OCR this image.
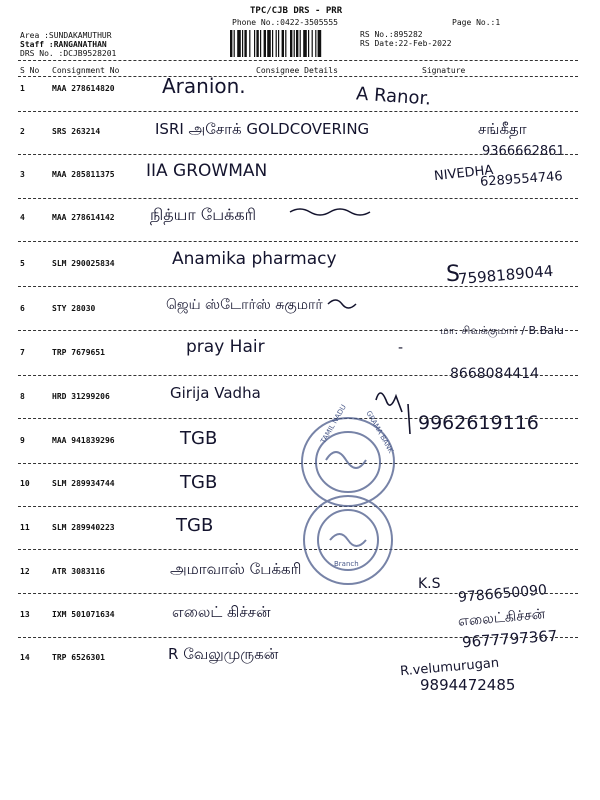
TPC/CJB DRS - PRR
Phone No.:0422-3505555	Page No.:1
Area :SUNDAKAMUTHUR
Staff :RANGANATHAN
DRS No. :DCJB9528201
RS No.:895282
RS Date:22-Feb-2022
S No Consignment No	Consignee Details	Signature
1	MAA 278614820 Aranion.	A Ranor.
2	SRS 263214	ISRI அசோக் GOLDCOVERING	சங்கீதா
9366662861
3	MAA 285811375 IIA GROWMAN	NIVEDHA
6289554746
4	MAA 278614142 நித்யா பேக்கரி
5	SLM 290025834	Anamika pharmacy
S
7598189044
6	STY 28030	ஜெய் ஸ்டோர்ஸ் சுகுமார்
7	TRP 7679651	pray Hair	-
மா. சிவக்குமார் / B.Balu
8668084414
8	HRD 31299206	Girija Vadha
9962619116
9	MAA 941839296	TGB
10	SLM 289934744	TGB
11	SLM 289940223	TGB
12	ATR 3083116	அமாவாஸ் பேக்கரி
K.S 9786650090
13	IXM 501071634	எலைட் கிச்சன்	எலைட்கிச்சன்
9677797367
14	TRP 6526301	R வேலுமுருகன்
R.velumurugan
9894472485
TAMIL NADU GRAMA BANK
Branch
